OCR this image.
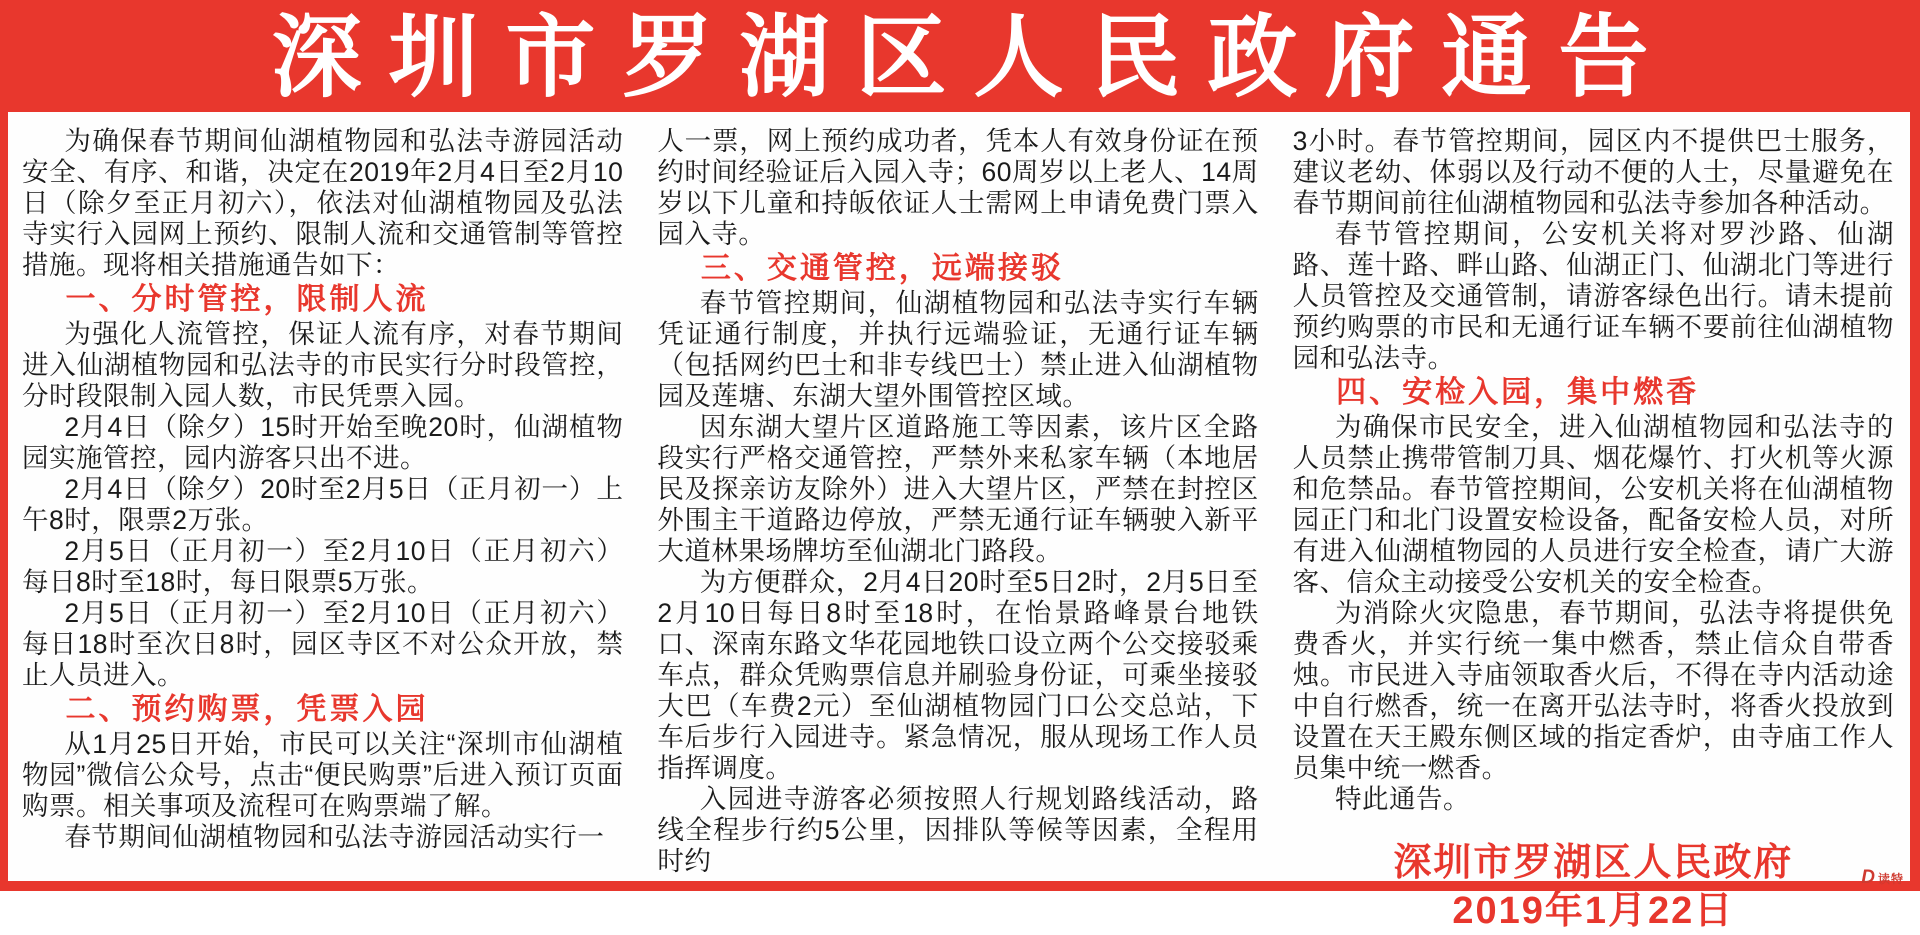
深圳市罗湖区人民政府通告

为确保春节期间仙湖植物园和弘法寺游园活动安全、有序、和谐，决定在2019年2月4日至2月10日（除夕至正月初六），依法对仙湖植物园及弘法寺实行入园网上预约、限制人流和交通管制等管控措施。现将相关措施通告如下：

一、分时管控，限制人流

为强化人流管控，保证人流有序，对春节期间进入仙湖植物园和弘法寺的市民实行分时段管控，分时段限制入园人数，市民凭票入园。

2月4日（除夕）15时开始至晚20时，仙湖植物园实施管控，园内游客只出不进。

2月4日（除夕）20时至2月5日（正月初一）上午8时，限票2万张。

2月5日（正月初一）至2月10日（正月初六）每日8时至18时，每日限票5万张。

2月5日（正月初一）至2月10日（正月初六）每日18时至次日8时，园区寺区不对公众开放，禁止人员进入。

二、预约购票，凭票入园

从1月25日开始，市民可以关注“深圳市仙湖植物园”微信公众号，点击“便民购票”后进入预订页面购票。相关事项及流程可在购票端了解。

春节期间仙湖植物园和弘法寺游园活动实行一

人一票，网上预约成功者，凭本人有效身份证在预约时间经验证后入园入寺；60周岁以上老人、14周岁以下儿童和持皈依证人士需网上申请免费门票入园入寺。

三、交通管控，远端接驳

春节管控期间，仙湖植物园和弘法寺实行车辆凭证通行制度，并执行远端验证，无通行证车辆（包括网约巴士和非专线巴士）禁止进入仙湖植物园及莲塘、东湖大望外围管控区域。

因东湖大望片区道路施工等因素，该片区全路段实行严格交通管控，严禁外来私家车辆（本地居民及探亲访友除外）进入大望片区，严禁在封控区外围主干道路边停放，严禁无通行证车辆驶入新平大道林果场牌坊至仙湖北门路段。

为方便群众，2月4日20时至5日2时，2月5日至2月10日每日8时至18时，在怡景路峰景台地铁口、深南东路文华花园地铁口设立两个公交接驳乘车点，群众凭购票信息并刷验身份证，可乘坐接驳大巴（车费2元）至仙湖植物园门口公交总站，下车后步行入园进寺。紧急情况，服从现场工作人员指挥调度。

入园进寺游客必须按照人行规划路线活动，路线全程步行约5公里，因排队等候等因素，全程用时约

3小时。春节管控期间，园区内不提供巴士服务，建议老幼、体弱以及行动不便的人士，尽量避免在春节期间前往仙湖植物园和弘法寺参加各种活动。

春节管控期间，公安机关将对罗沙路、仙湖路、莲十路、畔山路、仙湖正门、仙湖北门等进行人员管控及交通管制，请游客绿色出行。请未提前预约购票的市民和无通行证车辆不要前往仙湖植物园和弘法寺。

四、安检入园，集中燃香

为确保市民安全，进入仙湖植物园和弘法寺的人员禁止携带管制刀具、烟花爆竹、打火机等火源和危禁品。春节管控期间，公安机关将在仙湖植物园正门和北门设置安检设备，配备安检人员，对所有进入仙湖植物园的人员进行安全检查，请广大游客、信众主动接受公安机关的安全检查。

为消除火灾隐患，春节期间，弘法寺将提供免费香火，并实行统一集中燃香，禁止信众自带香烛。市民进入寺庙领取香火后，不得在寺内活动途中自行燃香，统一在离开弘法寺时，将香火投放到设置在天王殿东侧区域的指定香炉，由寺庙工作人员集中统一燃香。

特此通告。

深圳市罗湖区人民政府

2019年1月22日

D 读特
